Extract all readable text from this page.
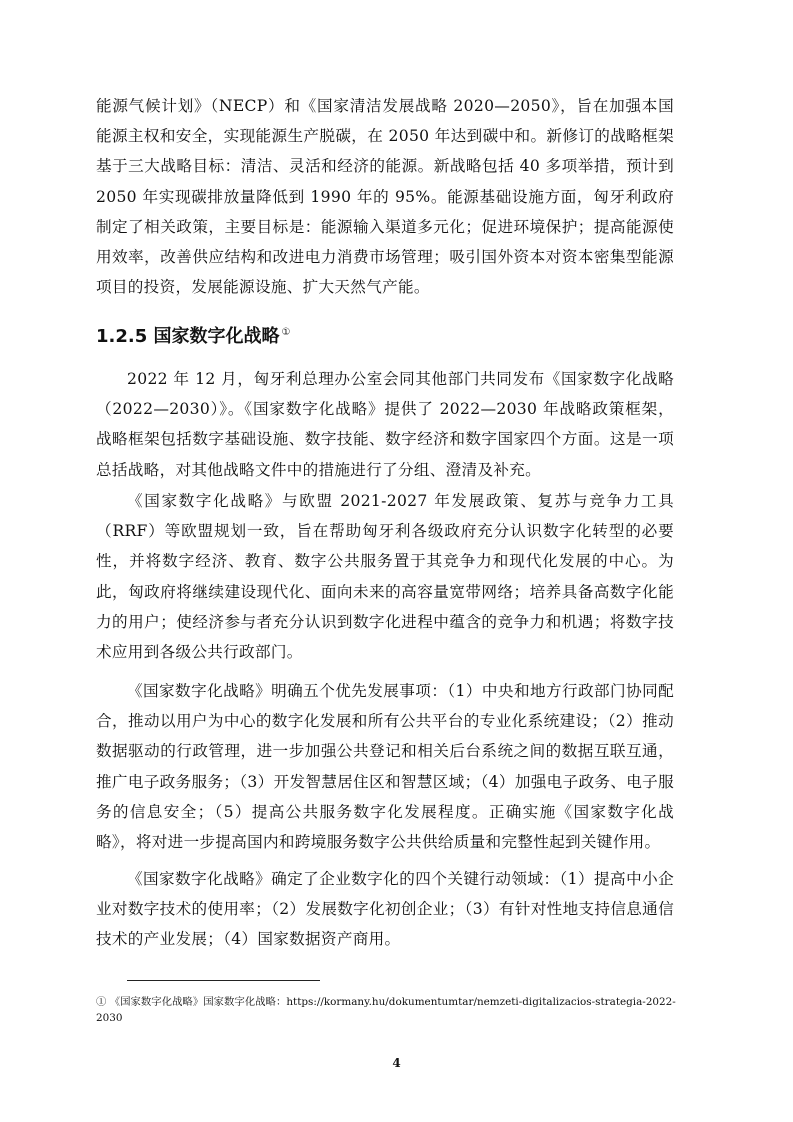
能源气候计划》（NECP）和《国家清洁发展战略 2020—2050》，旨在加强本国能源主权和安全，实现能源生产脱碳，在 2050 年达到碳中和。新修订的战略框架基于三大战略目标：清洁、灵活和经济的能源。新战略包括 40 多项举措，预计到 2050 年实现碳排放量降低到 1990 年的 95%。能源基础设施方面，匈牙利政府制定了相关政策，主要目标是：能源输入渠道多元化；促进环境保护；提高能源使用效率，改善供应结构和改进电力消费市场管理；吸引国外资本对资本密集型能源项目的投资，发展能源设施、扩大天然气产能。

1.2.5 国家数字化战略 ①

2022 年 12 月，匈牙利总理办公室会同其他部门共同发布《国家数字化战略（2022—2030）》。《国家数字化战略》提供了 2022—2030 年战略政策框架，战略框架包括数字基础设施、数字技能、数字经济和数字国家四个方面。这是一项总括战略，对其他战略文件中的措施进行了分组、澄清及补充。

《国家数字化战略》与欧盟 2021-2027 年发展政策、复苏与竞争力工具（RRF）等欧盟规划一致，旨在帮助匈牙利各级政府充分认识数字化转型的必要性，并将数字经济、教育、数字公共服务置于其竞争力和现代化发展的中心。为此，匈政府将继续建设现代化、面向未来的高容量宽带网络；培养具备高数字化能力的用户；使经济参与者充分认识到数字化进程中蕴含的竞争力和机遇；将数字技术应用到各级公共行政部门。

《国家数字化战略》明确五个优先发展事项：（1）中央和地方行政部门协同配合，推动以用户为中心的数字化发展和所有公共平台的专业化系统建设；（2）推动数据驱动的行政管理，进一步加强公共登记和相关后台系统之间的数据互联互通，推广电子政务服务；（3）开发智慧居住区和智慧区域；（4）加强电子政务、电子服务的信息安全；（5）提高公共服务数字化发展程度。正确实施《国家数字化战略》，将对进一步提高国内和跨境服务数字公共供给质量和完整性起到关键作用。

《国家数字化战略》确定了企业数字化的四个关键行动领域：（1）提高中小企业对数字技术的使用率；（2）发展数字化初创企业；（3）有针对性地支持信息通信技术的产业发展；（4）国家数据资产商用。

① 《国家数字化战略》国家数字化战略：https://kormany.hu/dokumentumtar/nemzeti-digitalizacios-strategia-2022-2030

4
